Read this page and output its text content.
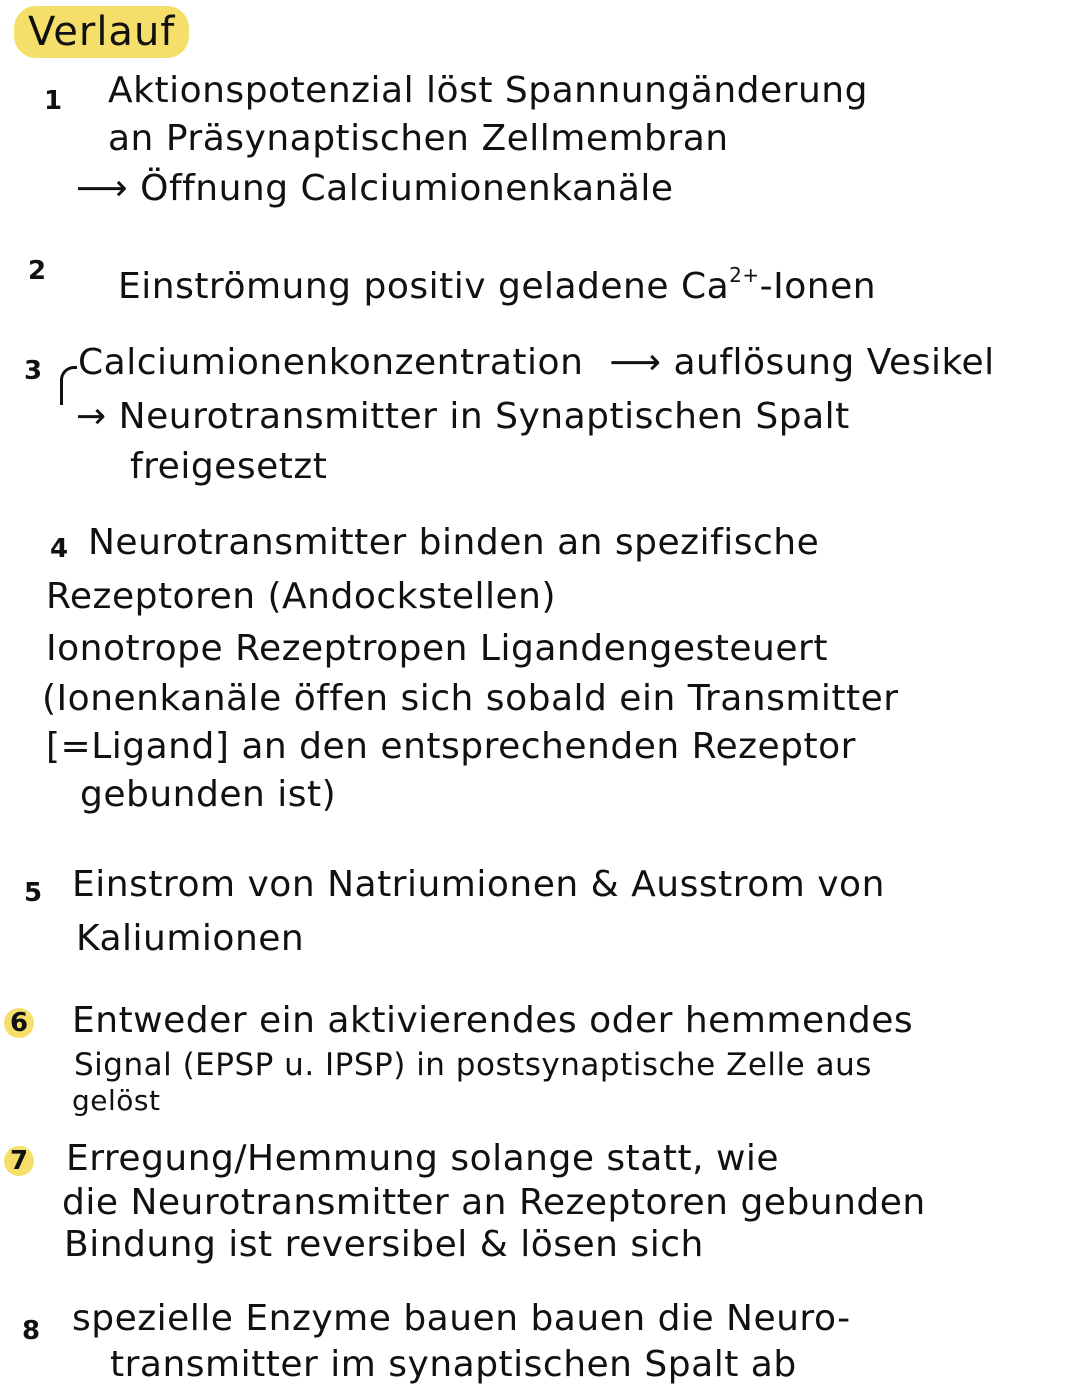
Verlauf
1 Aktionspotenzial löst Spannungänderung
an Präsynaptischen Zellmembran
⟶ Öffnung Calciumionenkanäle
2 Einströmung positiv geladene $Ca^{2+}$-Ionen
3 Calciumionenkonzentration ⟶ auflösung Vesikel
→ Neurotransmitter in Synaptischen Spalt
freigesetzt
4 Neurotransmitter binden an spezifische
Rezeptoren (Andockstellen)
Ionotrope Rezeptropen Ligandengesteuert
(Ionenkanäle öffen sich sobald ein Transmitter
[=Ligand] an den entsprechenden Rezeptor
gebunden ist)
5 Einstrom von Natriumionen & Ausstrom von
Kaliumionen
6 Entweder ein aktivierendes oder hemmendes
Signal (EPSP u. IPSP) in postsynaptische Zelle aus
gelöst
7 Erregung/Hemmung solange statt, wie
die Neurotransmitter an Rezeptoren gebunden
Bindung ist reversibel & lösen sich
8 spezielle Enzyme bauen bauen die Neuro-
transmitter im synaptischen Spalt ab
